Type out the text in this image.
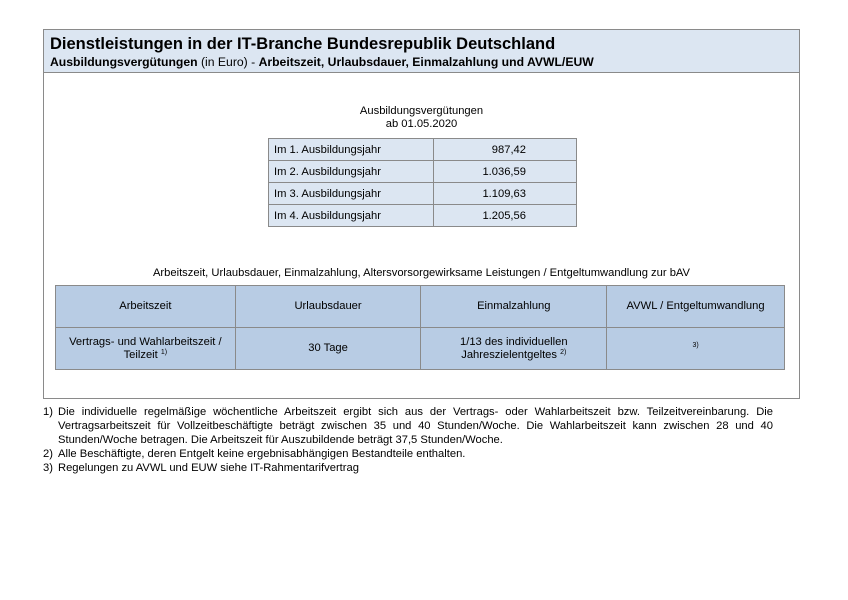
Dienstleistungen in der IT-Branche Bundesrepublik Deutschland
Ausbildungsvergütungen (in Euro) - Arbeitszeit, Urlaubsdauer, Einmalzahlung und AVWL/EUW
Ausbildungsvergütungen
ab 01.05.2020
Im 1. Ausbildungsjahr	987,42
Im 2. Ausbildungsjahr	1.036,59
Im 3. Ausbildungsjahr	1.109,63
Im 4. Ausbildungsjahr	1.205,56
Arbeitszeit, Urlaubsdauer, Einmalzahlung, Altersvorsorgewirksame Leistungen / Entgeltumwandlung zur bAV
Arbeitszeit	Urlaubsdauer	Einmalzahlung	AVWL / Entgeltumwandlung
Vertrags- und Wahlarbeitszeit / Teilzeit $^{1)}$	30 Tage	1/13 des individuellen Jahreszielentgeltes $^{2)}$	$^{3)}$
1) Die individuelle regelmäßige wöchentliche Arbeitszeit ergibt sich aus der Vertrags- oder Wahlarbeitszeit bzw. Teilzeitvereinbarung. Die Vertragsarbeitszeit für Vollzeitbeschäftigte beträgt zwischen 35 und 40 Stunden/Woche. Die Wahlarbeitszeit kann zwischen 28 und 40 Stunden/Woche betragen. Die Arbeitszeit für Auszubildende beträgt 37,5 Stunden/Woche.
2) Alle Beschäftigte, deren Entgelt keine ergebnisabhängigen Bestandteile enthalten.
3) Regelungen zu AVWL und EUW siehe IT-Rahmentarifvertrag
